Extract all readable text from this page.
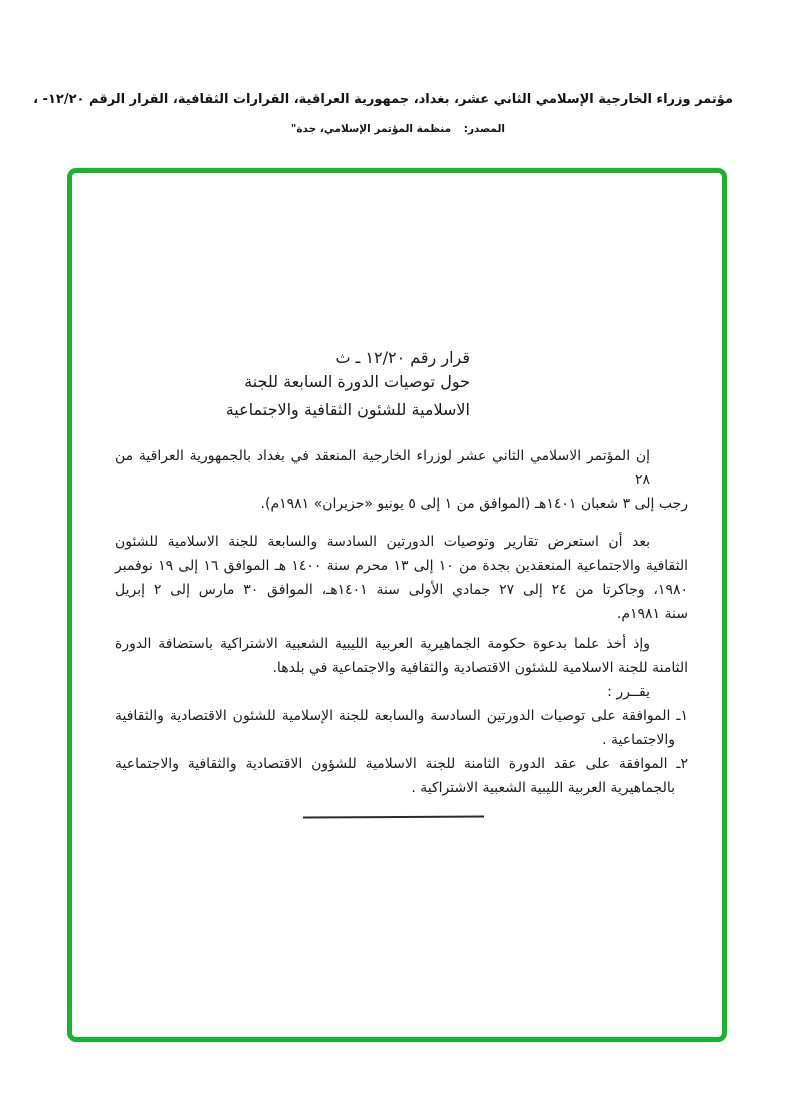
مؤتمر وزراء الخارجية الإسلامي الثاني عشر، بغداد، جمهورية العراقية، القرارات الثقافية، القرار الرقم ١٢/٢٠- ،
المصدر: منظمة المؤتمر الإسلامي، جدة"
قرار رقم ١٢/٢٠ ـ ث
حول توصيات الدورة السابعة للجنة
الاسلامية للشئون الثقافية والاجتماعية
إن المؤتمر الاسلامي الثاني عشر لوزراء الخارجية المنعقد في بغداد بالجمهورية العراقية من ٢٨
رجب إلى ٣ شعبان ١٤٠١هـ (الموافق من ١ إلى ٥ يونيو «حزيران» ١٩٨١م).
بعد أن استعرض تقارير وتوصيات الدورتين السادسة والسابعة للجنة الاسلامية للشئون
الثقافية والاجتماعية المنعقدين بجدة من ١٠ إلى ١٣ محرم سنة ١٤٠٠ هـ الموافق ١٦ إلى ١٩ نوفمبر
١٩٨٠، وجاكرتا من ٢٤ إلى ٢٧ جمادي الأولى سنة ١٤٠١هـ، الموافق ٣٠ مارس إلى ٢ إبريل
سنة ١٩٨١م.
وإذ أخذ علما بدعوة حكومة الجماهيرية العربية الليبية الشعبية الاشتراكية باستضافة الدورة
الثامنة للجنة الاسلامية للشئون الاقتصادية والثقافية والاجتماعية في بلدها.
يقــرر :
١ـ الموافقة على توصيات الدورتين السادسة والسابعة للجنة الإسلامية للشئون الاقتصادية والثقافية
والاجتماعية .
٢ـ الموافقة على عقد الدورة الثامنة للجنة الاسلامية للشؤون الاقتصادية والثقافية والاجتماعية
بالجماهيرية العربية الليبية الشعبية الاشتراكية .
